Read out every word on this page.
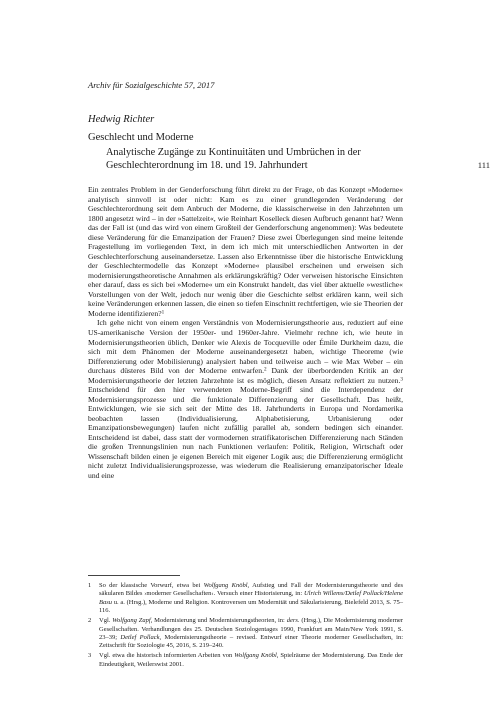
Archiv für Sozialgeschichte 57, 2017
111
Hedwig Richter
Geschlecht und Moderne
Analytische Zugänge zu Kontinuitäten und Umbrüchen in der Geschlechterordnung im 18. und 19. Jahrhundert

Ein zentrales Problem in der Genderforschung führt direkt zu der Frage, ob das Konzept »Moderne« analytisch sinnvoll ist oder nicht: Kam es zu einer grundlegenden Veränderung der Geschlechterordnung seit dem Anbruch der Moderne, die klassischerweise in den Jahrzehnten um 1800 angesetzt wird – in der »Sattelzeit«, wie Reinhart Koselleck diesen Aufbruch genannt hat? Wenn das der Fall ist (und das wird von einem Großteil der Genderforschung angenommen): Was bedeutete diese Veränderung für die Emanzipation der Frauen? Diese zwei Überlegungen sind meine leitende Fragestellung im vorliegenden Text, in dem ich mich mit unterschiedlichen Antworten in der Geschlechterforschung auseinandersetze. Lassen also Erkenntnisse über die historische Entwicklung der Geschlechtermodelle das Konzept »Moderne« plausibel erscheinen und erweisen sich modernisierungstheoretische Annahmen als erklärungskräftig? Oder verweisen historische Einsichten eher darauf, dass es sich bei »Moderne« um ein Konstrukt handelt, das viel über aktuelle »westliche« Vorstellungen von der Welt, jedoch nur wenig über die Geschichte selbst erklären kann, weil sich keine Veränderungen erkennen lassen, die einen so tiefen Einschnitt rechtfertigen, wie sie Theorien der Moderne identifizieren?$^1$

Ich gehe nicht von einem engen Verständnis von Modernisierungstheorie aus, reduziert auf eine US-amerikanische Version der 1950er- und 1960er-Jahre. Vielmehr rechne ich, wie heute in Modernisierungstheorien üblich, Denker wie Alexis de Tocqueville oder Émile Durkheim dazu, die sich mit dem Phänomen der Moderne auseinandergesetzt haben, wichtige Theoreme (wie Differenzierung oder Mobilisierung) analysiert haben und teilweise auch – wie Max Weber – ein durchaus düsteres Bild von der Moderne entwarfen.$^2$ Dank der überbordenden Kritik an der Modernisierungstheorie der letzten Jahrzehnte ist es möglich, diesen Ansatz reflektiert zu nutzen.$^3$ Entscheidend für den hier verwendeten Moderne-Begriff sind die Interdependenz der Modernisierungsprozesse und die funktionale Differenzierung der Gesellschaft. Das heißt, Entwicklungen, wie sie sich seit der Mitte des 18. Jahrhunderts in Europa und Nordamerika beobachten lassen (Individualisierung, Alphabetisierung, Urbanisierung oder Emanzipationsbewegungen) laufen nicht zufällig parallel ab, sondern bedingen sich einander. Entscheidend ist dabei, dass statt der vormodernen stratifikatorischen Differenzierung nach Ständen die großen Trennungslinien nun nach Funktionen verlaufen: Politik, Religion, Wirtschaft oder Wissenschaft bilden einen je eigenen Bereich mit eigener Logik aus; die Differenzierung ermöglicht nicht zuletzt Individualisierungsprozesse, was wiederum die Realisierung emanzipatorischer Ideale und eine

1 So der klassische Vorwurf, etwa bei Wolfgang Knöbl, Aufstieg und Fall der Modernisierungstheorie und des säkularen Bildes ›moderner Gesellschaften‹. Versuch einer Historisierung, in: Ulrich Willems/Detlef Pollack/Helene Basu u. a. (Hrsg.), Moderne und Religion. Kontroversen um Modernität und Säkularisierung, Bielefeld 2013, S. 75–116.
2 Vgl. Wolfgang Zapf, Modernisierung und Modernisierungstheorien, in: ders. (Hrsg.), Die Modernisierung moderner Gesellschaften. Verhandlungen des 25. Deutschen Soziologentages 1990, Frankfurt am Main/New York 1991, S. 23–39; Detlef Pollack, Modernisierungstheorie – revised. Entwurf einer Theorie moderner Gesellschaften, in: Zeitschrift für Soziologie 45, 2016, S. 219–240.
3 Vgl. etwa die historisch informierten Arbeiten von Wolfgang Knöbl, Spielräume der Modernisierung. Das Ende der Eindeutigkeit, Weilerswist 2001.
